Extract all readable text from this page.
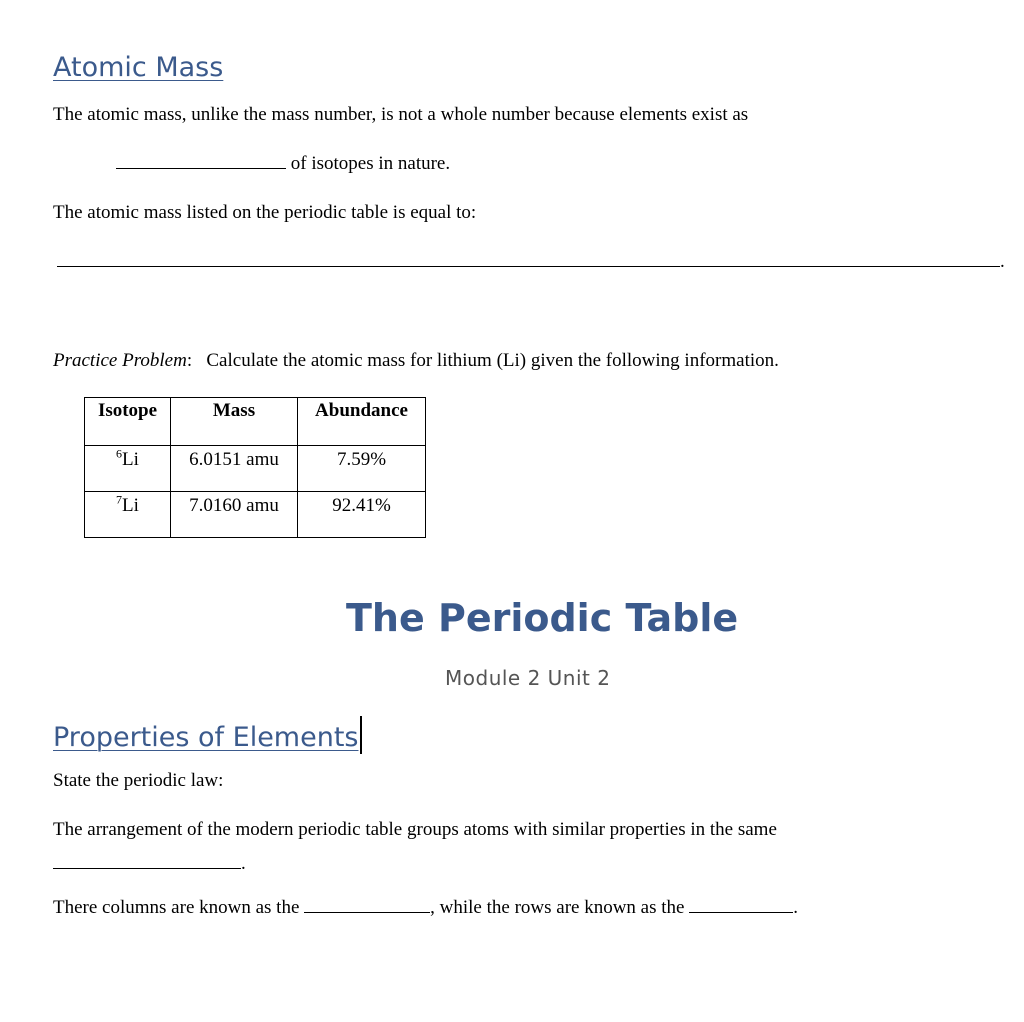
Atomic Mass
The atomic mass, unlike the mass number, is not a whole number because elements exist as
of isotopes in nature.
The atomic mass listed on the periodic table is equal to:
.
Practice Problem: Calculate the atomic mass for lithium (Li) given the following information.
Isotope	Mass	Abundance
$^6$Li	6.0151 amu	7.59%
$^7$Li	7.0160 amu	92.41%
The Periodic Table
Module 2 Unit 2
Properties of Elements
State the periodic law:
The arrangement of the modern periodic table groups atoms with similar properties in the same
.
There columns are known as the	, while the rows are known as the	.
